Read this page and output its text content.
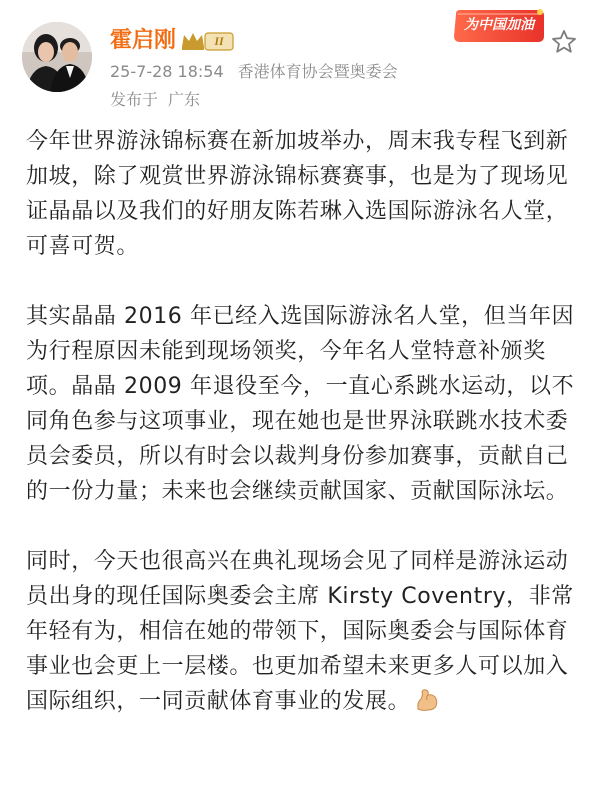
霍启刚	II
25-7-28 18:54 香港体育协会暨奥委会
发布于 广东
为中国加油

今年世界游泳锦标赛在新加坡举办，周末我专程飞到新加坡，除了观赏世界游泳锦标赛赛事，也是为了现场见证晶晶以及我们的好朋友陈若琳入选国际游泳名人堂，可喜可贺。

其实晶晶 2016 年已经入选国际游泳名人堂，但当年因为行程原因未能到现场领奖，今年名人堂特意补颁奖项。晶晶 2009 年退役至今，一直心系跳水运动，以不同角色参与这项事业，现在她也是世界泳联跳水技术委员会委员，所以有时会以裁判身份参加赛事，贡献自己的一份力量；未来也会继续贡献国家、贡献国际泳坛。

同时，今天也很高兴在典礼现场会见了同样是游泳运动员出身的现任国际奥委会主席 Kirsty Coventry，非常年轻有为，相信在她的带领下，国际奥委会与国际体育事业也会更上一层楼。也更加希望未来更多人可以加入国际组织，一同贡献体育事业的发展。
